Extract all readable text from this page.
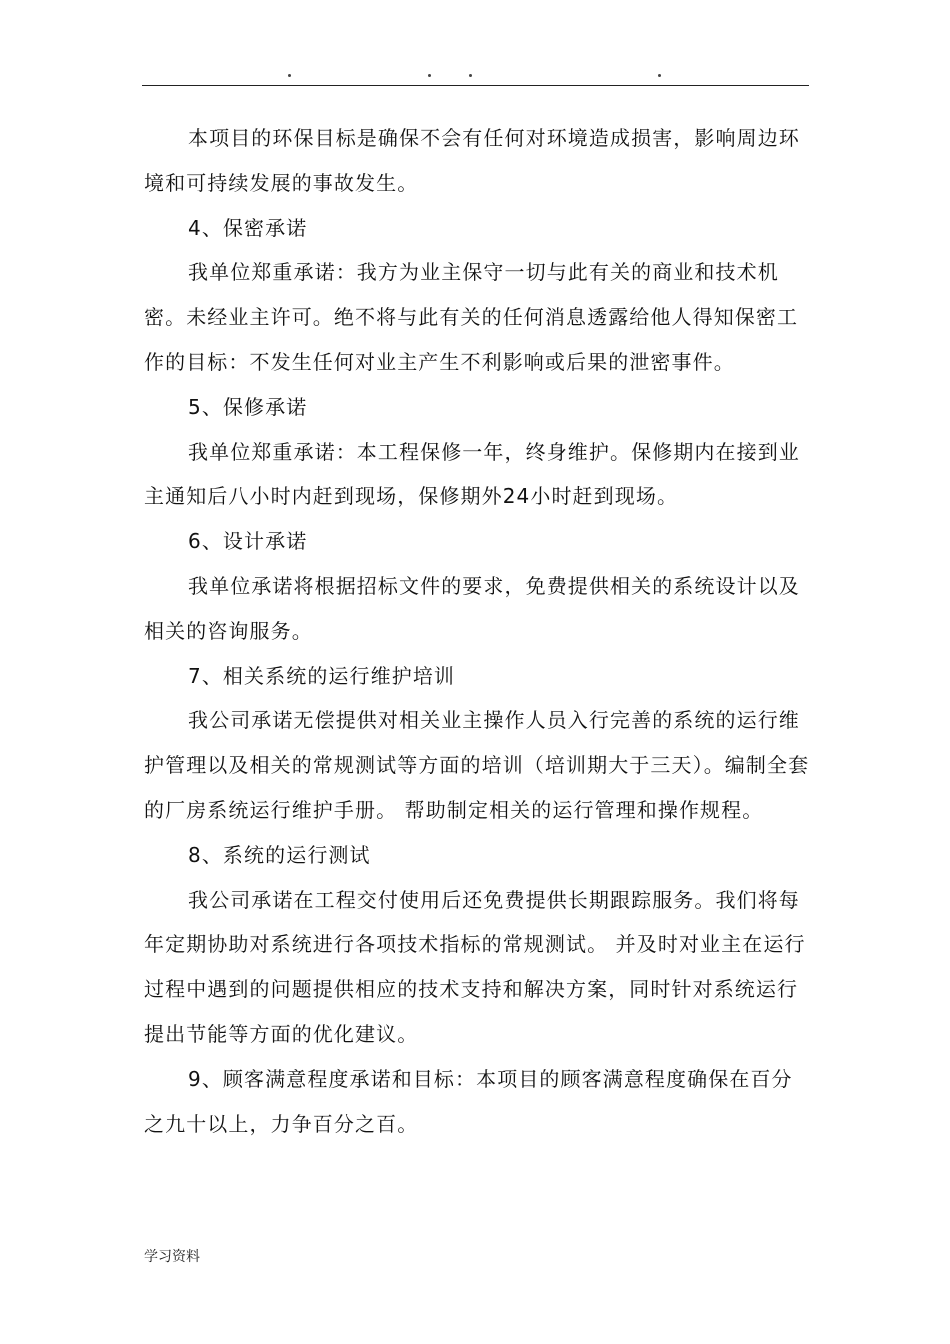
本项目的环保目标是确保不会有任何对环境造成损害，影响周边环境和可持续发展的事故发生。

4、保密承诺

我单位郑重承诺：我方为业主保守一切与此有关的商业和技术机密。未经业主许可。绝不将与此有关的任何消息透露给他人得知保密工作的目标：不发生任何对业主产生不利影响或后果的泄密事件。

5、保修承诺

我单位郑重承诺：本工程保修一年，终身维护。保修期内在接到业主通知后八小时内赶到现场，保修期外24小时赶到现场。

6、设计承诺

我单位承诺将根据招标文件的要求，免费提供相关的系统设计以及相关的咨询服务。

7、相关系统的运行维护培训

我公司承诺无偿提供对相关业主操作人员入行完善的系统的运行维护管理以及相关的常规测试等方面的培训（培训期大于三天）。编制全套的厂房系统运行维护手册。 帮助制定相关的运行管理和操作规程。

8、系统的运行测试

我公司承诺在工程交付使用后还免费提供长期跟踪服务。我们将每年定期协助对系统进行各项技术指标的常规测试。 并及时对业主在运行过程中遇到的问题提供相应的技术支持和解决方案，同时针对系统运行提出节能等方面的优化建议。

9、顾客满意程度承诺和目标：本项目的顾客满意程度确保在百分之九十以上，力争百分之百。

学习资料
